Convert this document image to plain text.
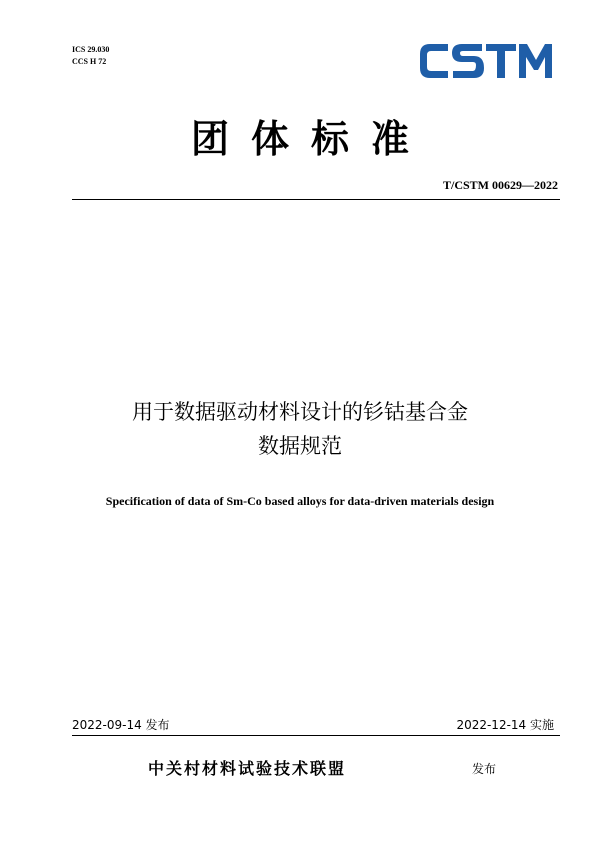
ICS 29.030
CCS H 72
团体标准
T/CSTM 00629—2022
用于数据驱动材料设计的钐钴基合金
数据规范
Specification of data of Sm-Co based alloys for data-driven materials design
2022-09-14 发布	2022-12-14 实施
中关村材料试验技术联盟	发布
